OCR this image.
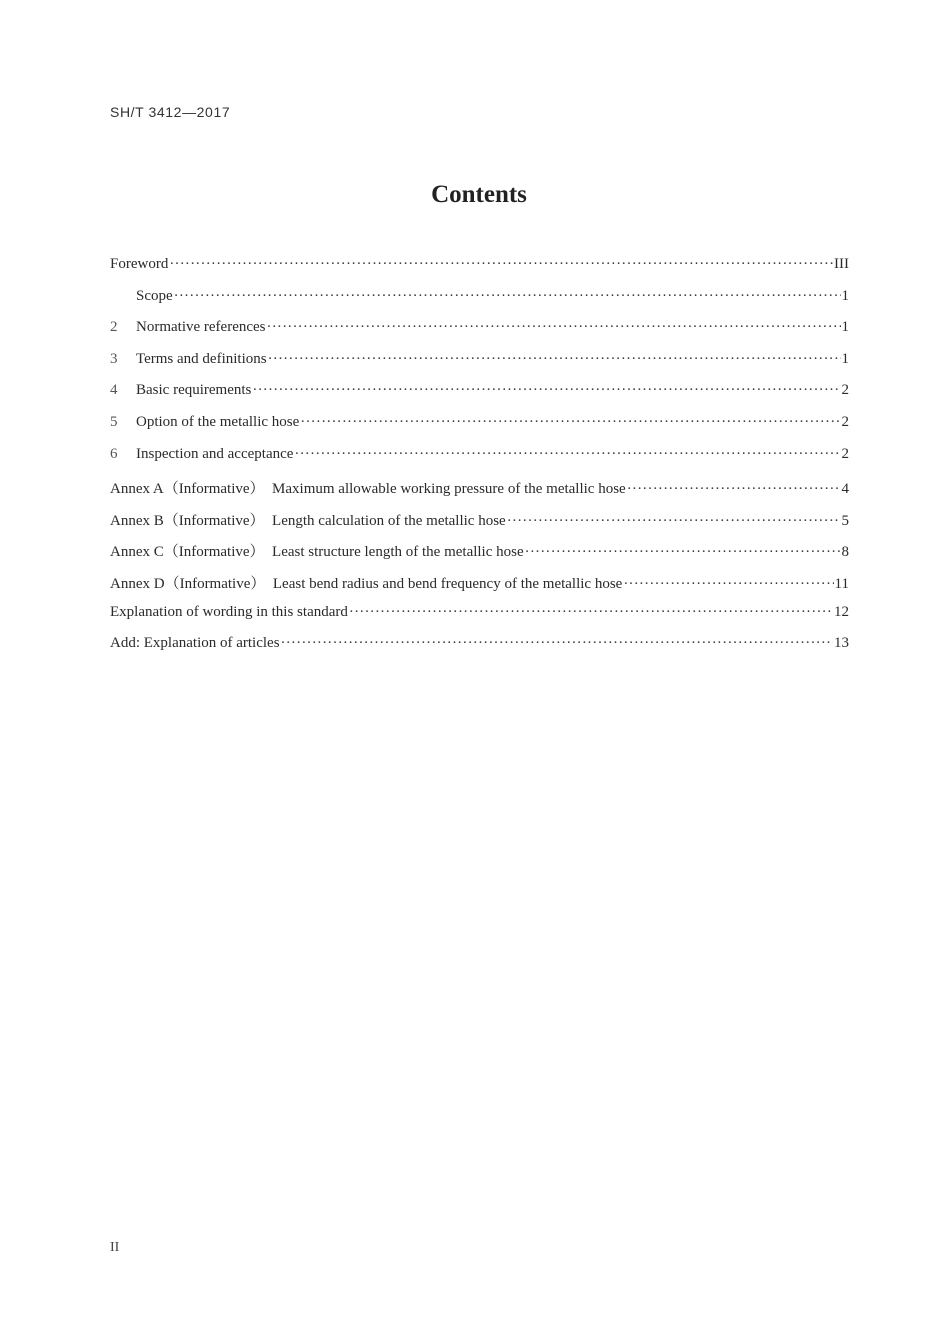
SH/T 3412—2017
Contents
Foreword ·····	III
Scope ·····	1
2	Normative references ·····	1
3	Terms and definitions ·····	1
4	Basic requirements ·····	2
5	Option of the metallic hose ·····	2
6	Inspection and acceptance ·····	2
Annex A（Informative）  Maximum allowable working pressure of the metallic hose ·····	4
Annex B（Informative）  Length calculation of the metallic hose ·····	5
Annex C（Informative）  Least structure length of the metallic hose ·····	8
Annex D（Informative）  Least bend radius and bend frequency of the metallic hose ·····	11
Explanation of wording in this standard ·····	12
Add: Explanation of articles ·····	13
II
